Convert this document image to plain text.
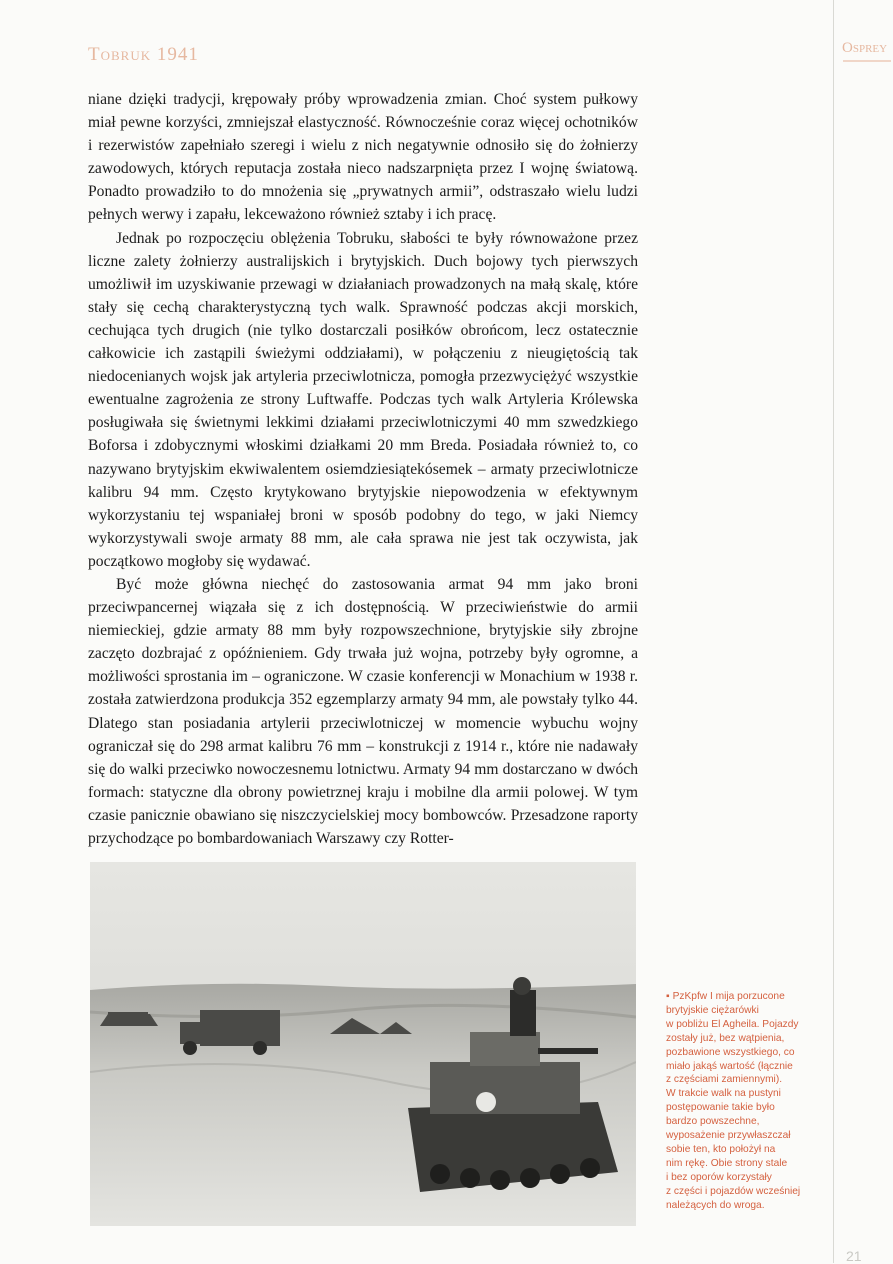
Tobruk 1941	Osprey

niane dzięki tradycji, krępowały próby wprowadzenia zmian. Choć system pułkowy miał pewne korzyści, zmniejszał elastyczność. Równocześnie coraz więcej ochotników i rezerwistów zapełniało szeregi i wielu z nich negatywnie odnosiło się do żołnierzy zawodowych, których reputacja została nieco nadszarpnięta przez I wojnę światową. Ponadto prowadziło to do mnożenia się „prywatnych armii”, odstraszało wielu ludzi pełnych werwy i zapału, lekceważono również sztaby i ich pracę.

Jednak po rozpoczęciu oblężenia Tobruku, słabości te były równoważone przez liczne zalety żołnierzy australijskich i brytyjskich. Duch bojowy tych pierwszych umożliwił im uzyskiwanie przewagi w działaniach prowadzonych na małą skalę, które stały się cechą charakterystyczną tych walk. Sprawność podczas akcji morskich, cechująca tych drugich (nie tylko dostarczali posiłków obrońcom, lecz ostatecznie całkowicie ich zastąpili świeżymi oddziałami), w połączeniu z nieugiętością tak niedocenianych wojsk jak artyleria przeciwlotnicza, pomogła przezwyciężyć wszystkie ewentualne zagrożenia ze strony Luftwaffe. Podczas tych walk Artyleria Królewska posługiwała się świetnymi lekkimi działami przeciwlotniczymi 40 mm szwedzkiego Boforsa i zdobycznymi włoskimi działkami 20 mm Breda. Posiadała również to, co nazywano brytyjskim ekwiwalentem osiemdziesiątekósemek – armaty przeciwlotnicze kalibru 94 mm. Często krytykowano brytyjskie niepowodzenia w efektywnym wykorzystaniu tej wspaniałej broni w sposób podobny do tego, w jaki Niemcy wykorzystywali swoje armaty 88 mm, ale cała sprawa nie jest tak oczywista, jak początkowo mogłoby się wydawać.

Być może główna niechęć do zastosowania armat 94 mm jako broni przeciwpancernej wiązała się z ich dostępnością. W przeciwieństwie do armii niemieckiej, gdzie armaty 88 mm były rozpowszechnione, brytyjskie siły zbrojne zaczęto dozbrajać z opóźnieniem. Gdy trwała już wojna, potrzeby były ogromne, a możliwości sprostania im – ograniczone. W czasie konferencji w Monachium w 1938 r. została zatwierdzona produkcja 352 egzemplarzy armaty 94 mm, ale powstały tylko 44. Dlatego stan posiadania artylerii przeciwlotniczej w momencie wybuchu wojny ograniczał się do 298 armat kalibru 76 mm – konstrukcji z 1914 r., które nie nadawały się do walki przeciwko nowoczesnemu lotnictwu. Armaty 94 mm dostarczano w dwóch formach: statyczne dla obrony powietrznej kraju i mobilne dla armii polowej. W tym czasie panicznie obawiano się niszczycielskiej mocy bombowców. Przesadzone raporty przychodzące po bombardowaniach Warszawy czy Rotter-

▪ PzKpfw I mija porzucone
brytyjskie ciężarówki
w pobliżu El Agheila. Pojazdy
zostały już, bez wątpienia,
pozbawione wszystkiego, co
miało jakąś wartość (łącznie
z częściami zamiennymi).
W trakcie walk na pustyni
postępowanie takie było
bardzo powszechne,
wyposażenie przywłaszczał
sobie ten, kto położył na
nim rękę. Obie strony stale
i bez oporów korzystały
z części i pojazdów wcześniej
należących do wroga.
21
